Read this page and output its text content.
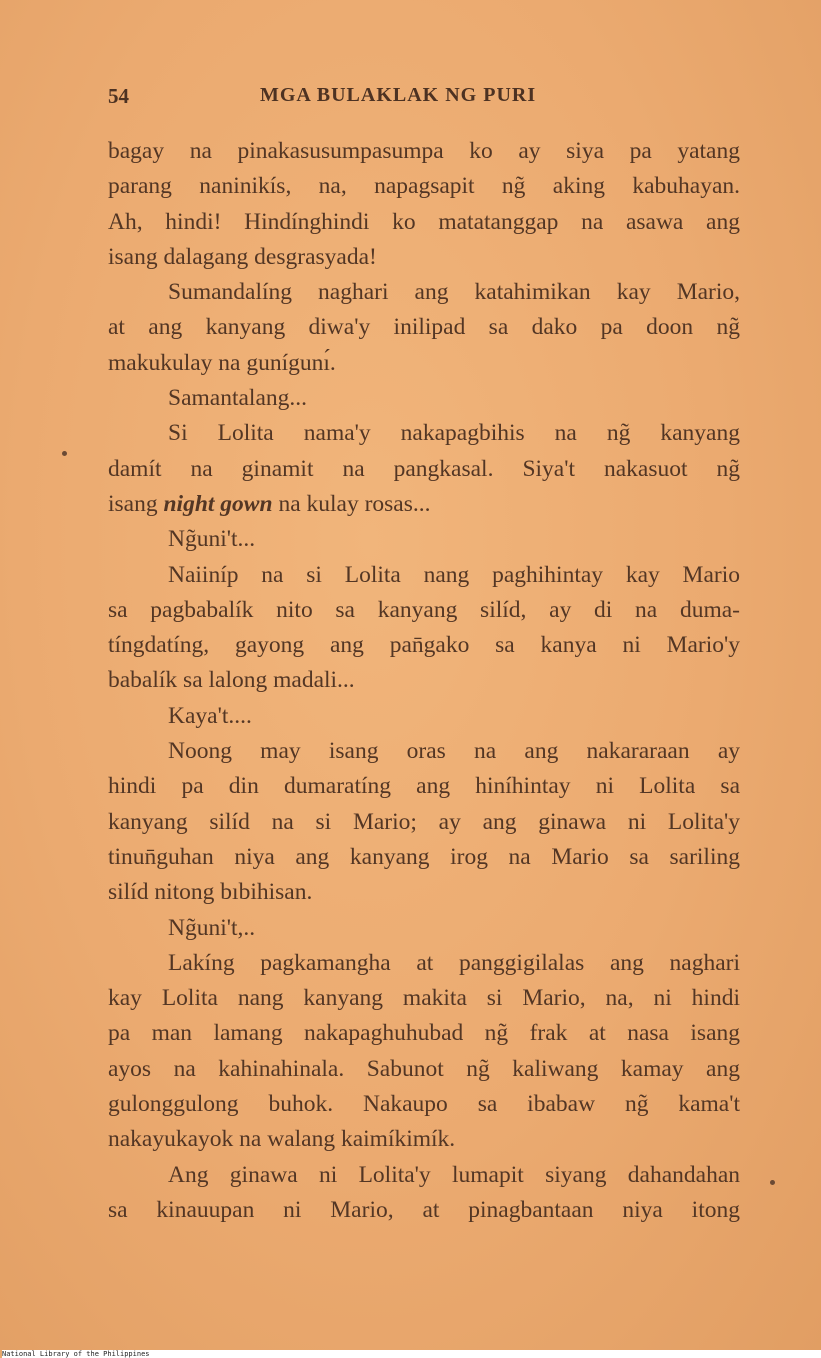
54	MGA BULAKLAK NG PURI
bagay na pinakasusumpasumpa ko ay siya pa yatang
parang naninikís, na, napagsapit ng̃ aking kabuhayan.
Ah, hindi! Hindínghindi ko matatanggap na asawa ang
isang dalagang desgrasyada!
Sumandalíng naghari ang katahimikan kay Mario,
at ang kanyang diwa'y inilipad sa dako pa doon ng̃
makukulay na gunígunı́.
Samantalang...
Si Lolita nama'y nakapagbihis na ng̃ kanyang
damít na ginamit na pangkasal. Siya't nakasuot ng̃
isang night gown na kulay rosas...
Ng̃uni't...
Naiiníp na si Lolita nang paghihintay kay Mario
sa pagbabalík nito sa kanyang silíd, ay di na duma-
tíngdatíng, gayong ang pan̄gako sa kanya ni Mario'y
babalík sa lalong madali...
Kaya't....
Noong may isang oras na ang nakararaan ay
hindi pa din dumaratíng ang hiníhintay ni Lolita sa
kanyang silíd na si Mario; ay ang ginawa ni Lolita'y
tinun̄guhan niya ang kanyang irog na Mario sa sariling
silíd nitong bıbihisan.
Ng̃uni't,..
Lakíng pagkamangha at panggigilalas ang naghari
kay Lolita nang kanyang makita si Mario, na, ni hindi
pa man lamang nakapaghuhubad ng̃ frak at nasa isang
ayos na kahinahinala. Sabunot ng̃ kaliwang kamay ang
gulonggulong buhok. Nakaupo sa ibabaw ng̃ kama't
nakayukayok na walang kaimíkimík.
Ang ginawa ni Lolita'y lumapit siyang dahandahan
sa kinauupan ni Mario, at pinagbantaan niya itong
National Library of the Philippines
